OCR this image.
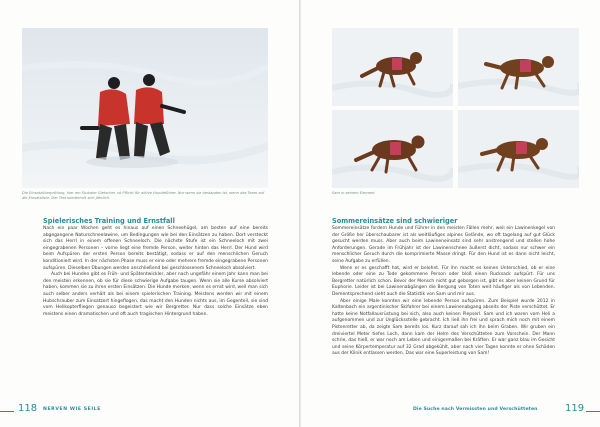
Die Einsatzüberprüfung, hier am Stubaier Gletscher, ist Pflicht für aktive Hundeführer. Nur wenn sie bestanden ist, wenn das Team auf die Einsatzliste. Der Test wiederholt sich jährlich.

Spielerisches Training und Ernstfall

Nach ein paar Wochen geht es hinaus auf einen Schneehügel, am besten auf eine bereits abgegangene Naturschneelawine, um Bedingungen wie bei den Einsätzen zu haben. Dort versteckt sich das Herrl in einem offenen Schneeloch. Die nächste Stufe ist ein Schneeloch mit zwei eingegrabenen Personen – vorne liegt eine fremde Person, weiter hinten das Herrl. Der Hund wird beim Aufspüren der ersten Person bereits bestätigt, sodass er auf den menschlichen Geruch konditioniert wird. In der nächsten Phase muss er eine oder mehrere fremde eingegrabene Personen aufspüren. Dieselben Übungen werden anschließend bei geschlossenem Schneeloch absolviert.

Auch bei Hunden gibt es Früh- und Spätentwickler, aber nach ungefähr einem Jahr kann man bei den meisten erkennen, ob sie für diese schwierige Aufgabe taugen. Wenn sie alle Kurse absolviert haben, kommen sie zu ihren ersten Einsätzen. Die Hunde merken, wenn es ernst wird, weil man sich auch selber anders verhält als bei einem spielerischen Training. Meistens werden wir mit einem Hubschrauber zum Einsatzort hingeflogen, das macht den Hunden nichts aus, im Gegenteil, sie sind vom Helikopterfliegen genauso begeistert wie wir Bergretter. Nur dass solche Einsätze eben meistens einen dramatischen und oft auch tragischen Hintergrund haben.

118 NERVEN WIE SEILE

Sam in seinem Element

Sommereinsätze sind schwieriger

Sommereinsätze fordern Hunde und Führer in den meisten Fällen mehr, weil ein Lawinenkegel von der Größe her überschaubarer ist als weitläufiges alpines Gelände, wo oft tagelang auf gut Glück gesucht werden muss. Aber auch beim Lawineneinsatz sind sehr anstrengend und stellen hohe Anforderungen. Gerade im Frühjahr ist der Lawinenschnee äußerst dicht, sodass nur schwer ein menschlicher Geruch durch die komprimierte Masse dringt. Für den Hund ist es dann nicht leicht, seine Aufgabe zu erfüllen.

Wenn er es geschafft hat, wird er belohnt. Für ihn macht es keinen Unterschied, ob er eine lebende oder eine zu Tode gekommene Person oder bloß einen Rucksack aufspürt. Für uns Bergretter natürlich schon. Bevor der Mensch nicht gut geborgen ist, gibt es aber keinen Grund für Euphorie. Leider ist bei Lawinenabgängen die Bergung von Toten weit häufiger als von Lebenden. Dementsprechend sieht auch die Statistik von Sam und mir aus.

Aber einige Male konnten wir eine lebende Person aufspüren. Zum Beispiel wurde 2012 in Kaltenbach ein argentinischer Skifahrer bei einem Lawinenabgang abseits der Piste verschüttet. Er hatte keine Notfallausrüstung bei sich, also auch keinen Piepserl. Sam und ich waren vom Heli a aufgenommen und zur Unglücksstelle gebracht. Ich ließ ihn frei und sprach mich noch mit einem Pistenretter ab, da zeigte Sam bereits los. Kurz darauf sah ich ihn beim Graben. Wir gruben ein dreiviertel Meter tiefes Loch, dann kam der Helm des Verschütteten zum Vorschein. Der Mann schrie, das hieß, er war noch am Leben und einigermaßen bei Kräften. Er war ganz blau im Gesicht und seine Körpertemperatur auf 32 Grad abgekühlt, aber nach vier Tagen konnte er ohne Schäden aus der Klinik entlassen werden. Das war eine Superleistung von Sam!

Die Suche nach Vermissten und Verschütteten	119
